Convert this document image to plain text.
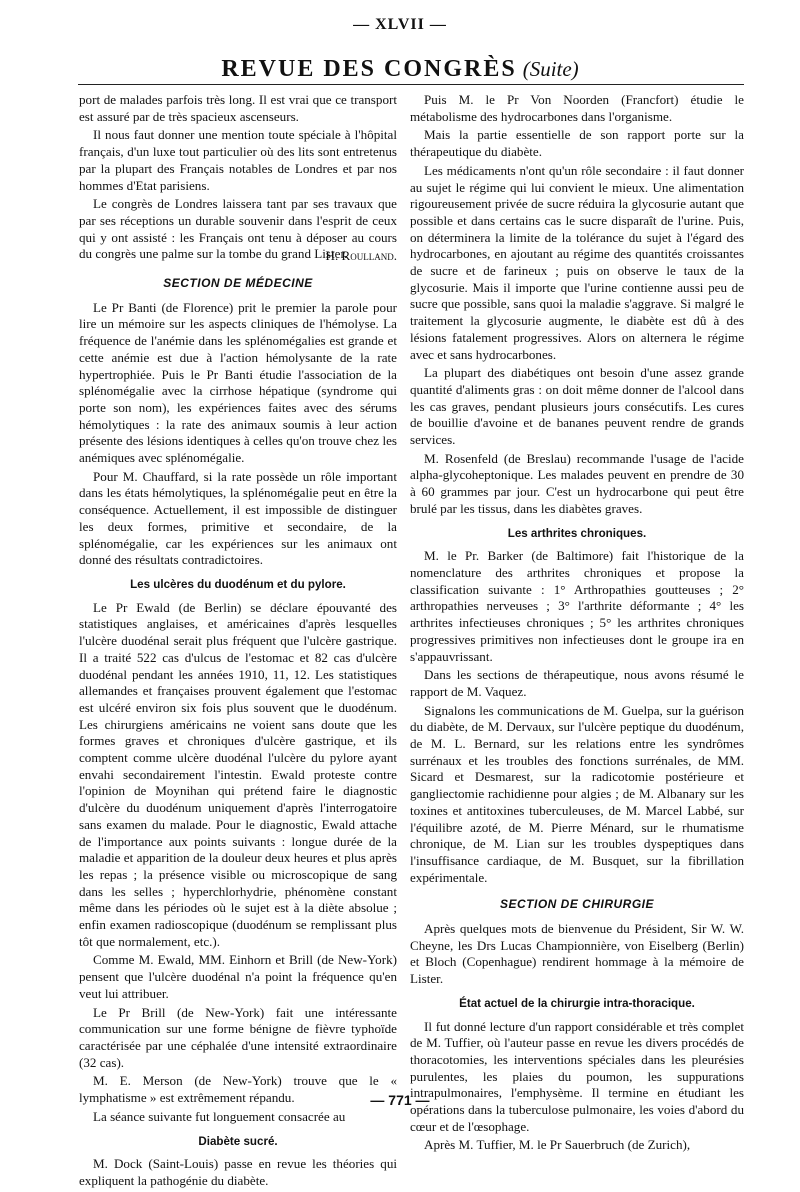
— XLVII —
REVUE DES CONGRÈS (Suite)

port de malades parfois très long. Il est vrai que ce transport est assuré par de très spacieux ascenseurs.

Il nous faut donner une mention toute spéciale à l'hôpital français, d'un luxe tout particulier où des lits sont entretenus par la plupart des Français notables de Londres et par nos hommes d'Etat parisiens.

Le congrès de Londres laissera tant par ses travaux que par ses réceptions un durable souvenir dans l'esprit de ceux qui y ont assisté : les Français ont tenu à déposer au cours du congrès une palme sur la tombe du grand Lister.

H. Roulland.
SECTION DE MÉDECINE

Le Pr Banti (de Florence) prit le premier la parole pour lire un mémoire sur les aspects cliniques de l'hémolyse. La fréquence de l'anémie dans les splénomégalies est grande et cette anémie est due à l'action hémolysante de la rate hypertrophiée. Puis le Pr Banti étudie l'association de la splénomégalie avec la cirrhose hépatique (syndrome qui porte son nom), les expériences faites avec des sérums hémolytiques : la rate des animaux soumis à leur action présente des lésions identiques à celles qu'on trouve chez les anémiques avec splénomégalie.

Pour M. Chauffard, si la rate possède un rôle important dans les états hémolytiques, la splénomégalie peut en être la conséquence. Actuellement, il est impossible de distinguer les deux formes, primitive et secondaire, de la splénomégalie, car les expériences sur les animaux ont donné des résultats contradictoires.

Les ulcères du duodénum et du pylore.

Le Pr Ewald (de Berlin) se déclare épouvanté des statistiques anglaises, et américaines d'après lesquelles l'ulcère duodénal serait plus fréquent que l'ulcère gastrique. Il a traité 522 cas d'ulcus de l'estomac et 82 cas d'ulcère duodénal pendant les années 1910, 11, 12. Les statistiques allemandes et françaises prouvent également que l'estomac est ulcéré environ six fois plus souvent que le duodénum. Les chirurgiens américains ne voient sans doute que les formes graves et chroniques d'ulcère gastrique, et ils comptent comme ulcère duodénal l'ulcère du pylore ayant envahi secondairement l'intestin. Ewald proteste contre l'opinion de Moynihan qui prétend faire le diagnostic d'ulcère du duodénum uniquement d'après l'interrogatoire sans examen du malade. Pour le diagnostic, Ewald attache de l'importance aux points suivants : longue durée de la maladie et apparition de la douleur deux heures et plus après les repas ; la présence visible ou microscopique de sang dans les selles ; hyperchlorhydrie, phénomène constant même dans les périodes où le sujet est à la diète absolue ; enfin examen radioscopique (duodénum se remplissant plus tôt que normalement, etc.).

Comme M. Ewald, MM. Einhorn et Brill (de New-York) pensent que l'ulcère duodénal n'a point la fréquence qu'en veut lui attribuer.

Le Pr Brill (de New-York) fait une intéressante communication sur une forme bénigne de fièvre typhoïde caractérisée par une céphalée d'une intensité extraordinaire (32 cas).

M. E. Merson (de New-York) trouve que le « lymphatisme » est extrêmement répandu.

La séance suivante fut longuement consacrée au

Diabète sucré.

M. Dock (Saint-Louis) passe en revue les théories qui expliquent la pathogénie du diabète.

Puis M. le Pr Von Noorden (Francfort) étudie le métabolisme des hydrocarbones dans l'organisme.

Mais la partie essentielle de son rapport porte sur la thérapeutique du diabète.

Les médicaments n'ont qu'un rôle secondaire : il faut donner au sujet le régime qui lui convient le mieux. Une alimentation rigoureusement privée de sucre réduira la glycosurie autant que possible et dans certains cas le sucre disparaît de l'urine. Puis, on déterminera la limite de la tolérance du sujet à l'égard des hydrocarbones, en ajoutant au régime des quantités croissantes de sucre et de farineux ; puis on observe le taux de la glycosurie. Mais il importe que l'urine contienne aussi peu de sucre que possible, sans quoi la maladie s'aggrave. Si malgré le traitement la glycosurie augmente, le diabète est dû à des lésions fatalement progressives. Alors on alternera le régime avec et sans hydrocarbones.

La plupart des diabétiques ont besoin d'une assez grande quantité d'aliments gras : on doit même donner de l'alcool dans les cas graves, pendant plusieurs jours consécutifs. Les cures de bouillie d'avoine et de bananes peuvent rendre de grands services.

M. Rosenfeld (de Breslau) recommande l'usage de l'acide alpha-glycoheptonique. Les malades peuvent en prendre de 30 à 60 grammes par jour. C'est un hydrocarbone qui peut être brulé par les tissus, dans les diabètes graves.

Les arthrites chroniques.

M. le Pr. Barker (de Baltimore) fait l'historique de la nomenclature des arthrites chroniques et propose la classification suivante : 1° Arthropathies goutteuses ; 2° arthropathies nerveuses ; 3° l'arthrite déformante ; 4° les arthrites infectieuses chroniques ; 5° les arthrites chroniques progressives primitives non infectieuses dont le groupe ira en s'appauvrissant.

Dans les sections de thérapeutique, nous avons résumé le rapport de M. Vaquez.

Signalons les communications de M. Guelpa, sur la guérison du diabète, de M. Dervaux, sur l'ulcère peptique du duodénum, de M. L. Bernard, sur les relations entre les syndrômes surrénaux et les troubles des fonctions surrénales, de MM. Sicard et Desmarest, sur la radicotomie postérieure et gangliectomie rachidienne pour algies ; de M. Albanary sur les toxines et antitoxines tuberculeuses, de M. Marcel Labbé, sur l'équilibre azoté, de M. Pierre Ménard, sur le rhumatisme chronique, de M. Lian sur les troubles dyspeptiques dans l'insuffisance cardiaque, de M. Busquet, sur la fibrillation expérimentale.

SECTION DE CHIRURGIE

Après quelques mots de bienvenue du Président, Sir W. W. Cheyne, les Drs Lucas Championnière, von Eiselberg (Berlin) et Bloch (Copenhague) rendirent hommage à la mémoire de Lister.

État actuel de la chirurgie intra-thoracique.

Il fut donné lecture d'un rapport considérable et très complet de M. Tuffier, où l'auteur passe en revue les divers procédés de thoracotomies, les interventions spéciales dans les pleurésies purulentes, les plaies du poumon, les suppurations intrapulmonaires, l'emphysème. Il termine en étudiant les opérations dans la tuberculose pulmonaire, les voies d'abord du cœur et de l'œsophage.

Après M. Tuffier, M. le Pr Sauerbruch (de Zurich),

— 771 —
